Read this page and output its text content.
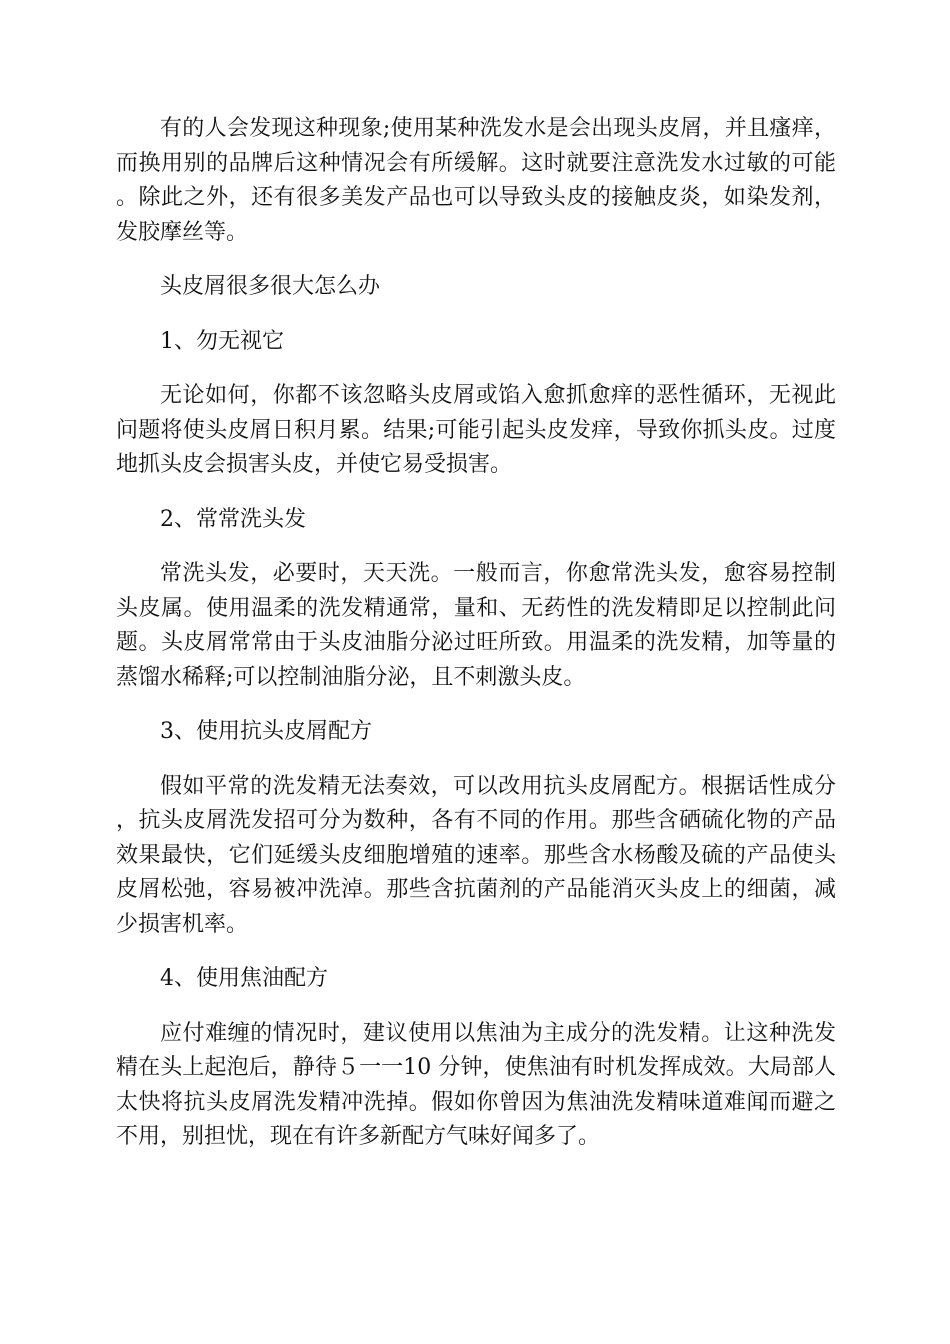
有的人会发现这种现象;使用某种洗发水是会出现头皮屑，并且瘙痒，而换用别的品牌后这种情况会有所缓解。这时就要注意洗发水过敏的可能。除此之外，还有很多美发产品也可以导致头皮的接触皮炎，如染发剂，发胶摩丝等。

头皮屑很多很大怎么办

1、勿无视它

无论如何，你都不该忽略头皮屑或馅入愈抓愈痒的恶性循环，无视此问题将使头皮屑日积月累。结果;可能引起头皮发痒，导致你抓头皮。过度地抓头皮会损害头皮，并使它易受损害。

2、常常洗头发

常洗头发，必要时，天天洗。一般而言，你愈常洗头发，愈容易控制头皮属。使用温柔的洗发精通常，量和、无药性的洗发精即足以控制此问题。头皮屑常常由于头皮油脂分泌过旺所致。用温柔的洗发精，加等量的蒸馏水稀释;可以控制油脂分泌，且不刺激头皮。

3、使用抗头皮屑配方

假如平常的洗发精无法奏效，可以改用抗头皮屑配方。根据话性成分，抗头皮屑洗发招可分为数种，各有不同的作用。那些含硒硫化物的产品效果最快，它们延缓头皮细胞增殖的速率。那些含水杨酸及硫的产品使头皮屑松弛，容易被冲洗淖。那些含抗菌剂的产品能消灭头皮上的细菌，减少损害机率。

4、使用焦油配方

应付难缠的情况时，建议使用以焦油为主成分的洗发精。让这种洗发精在头上起泡后，静待５一一10 分钟，使焦油有时机发挥成效。大局部人太快将抗头皮屑洗发精冲洗掉。假如你曾因为焦油洗发精味道难闻而避之不用，别担忧，现在有许多新配方气味好闻多了。
